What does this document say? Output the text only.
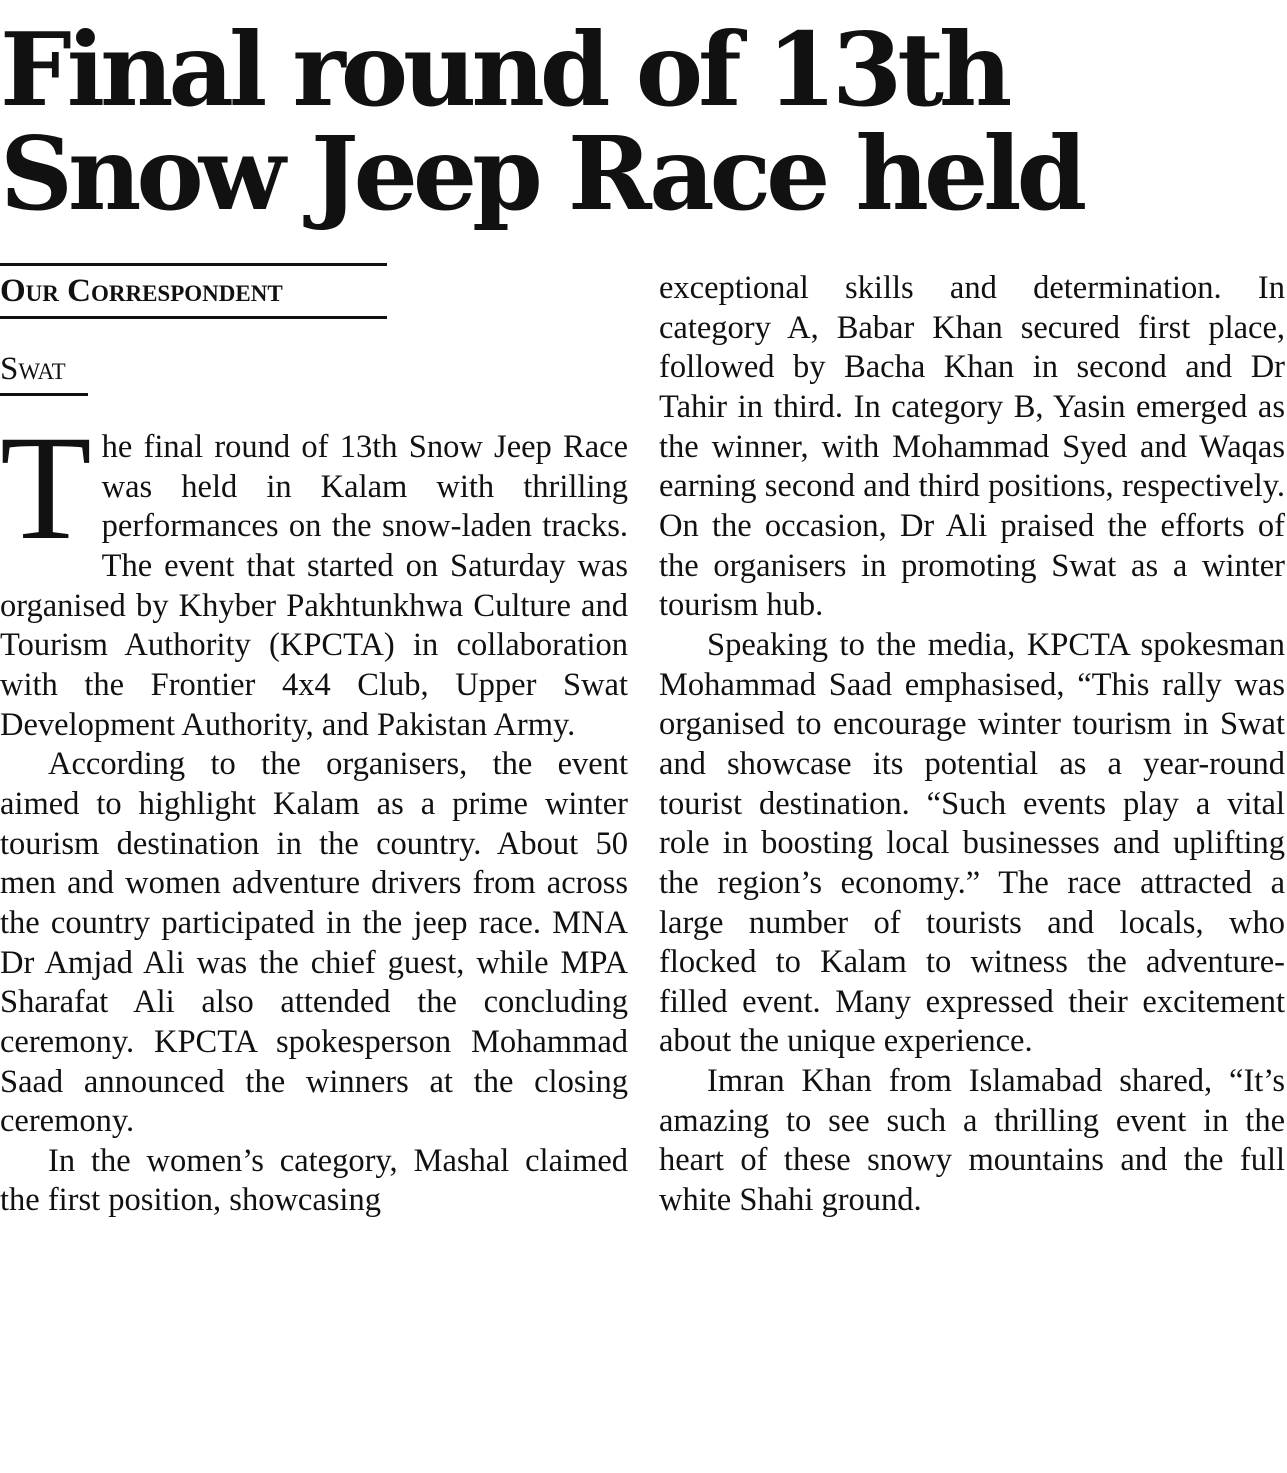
Final round of 13th Snow Jeep Race held
Our Correspondent
Swat

The final round of 13th Snow Jeep Race was held in Kalam with thrilling performances on the snow-laden tracks. The event that started on Saturday was organised by Khyber Pakhtunkhwa Culture and Tourism Authority (KPCTA) in collaboration with the Frontier 4x4 Club, Upper Swat Development Authority, and Pakistan Army.

According to the organisers, the event aimed to highlight Kalam as a prime winter tourism destination in the country. About 50 men and women adventure drivers from across the country participated in the jeep race. MNA Dr Amjad Ali was the chief guest, while MPA Sharafat Ali also attended the concluding ceremony. KPCTA spokesperson Mohammad Saad announced the winners at the closing ceremony.

In the women’s category, Mashal claimed the first position, showcasing

exceptional skills and determination. In category A, Babar Khan secured first place, followed by Bacha Khan in second and Dr Tahir in third. In category B, Yasin emerged as the winner, with Mohammad Syed and Waqas earning second and third positions, respectively. On the occasion, Dr Ali praised the efforts of the organisers in promoting Swat as a winter tourism hub.

Speaking to the media, KPCTA spokesman Mohammad Saad emphasised, “This rally was organised to encourage winter tourism in Swat and showcase its potential as a year-round tourist destination. “Such events play a vital role in boosting local businesses and uplifting the region’s economy.” The race attracted a large number of tourists and locals, who flocked to Kalam to witness the adventure-filled event. Many expressed their excitement about the unique experience.

Imran Khan from Islamabad shared, “It’s amazing to see such a thrilling event in the heart of these snowy mountains and the full white Shahi ground.
